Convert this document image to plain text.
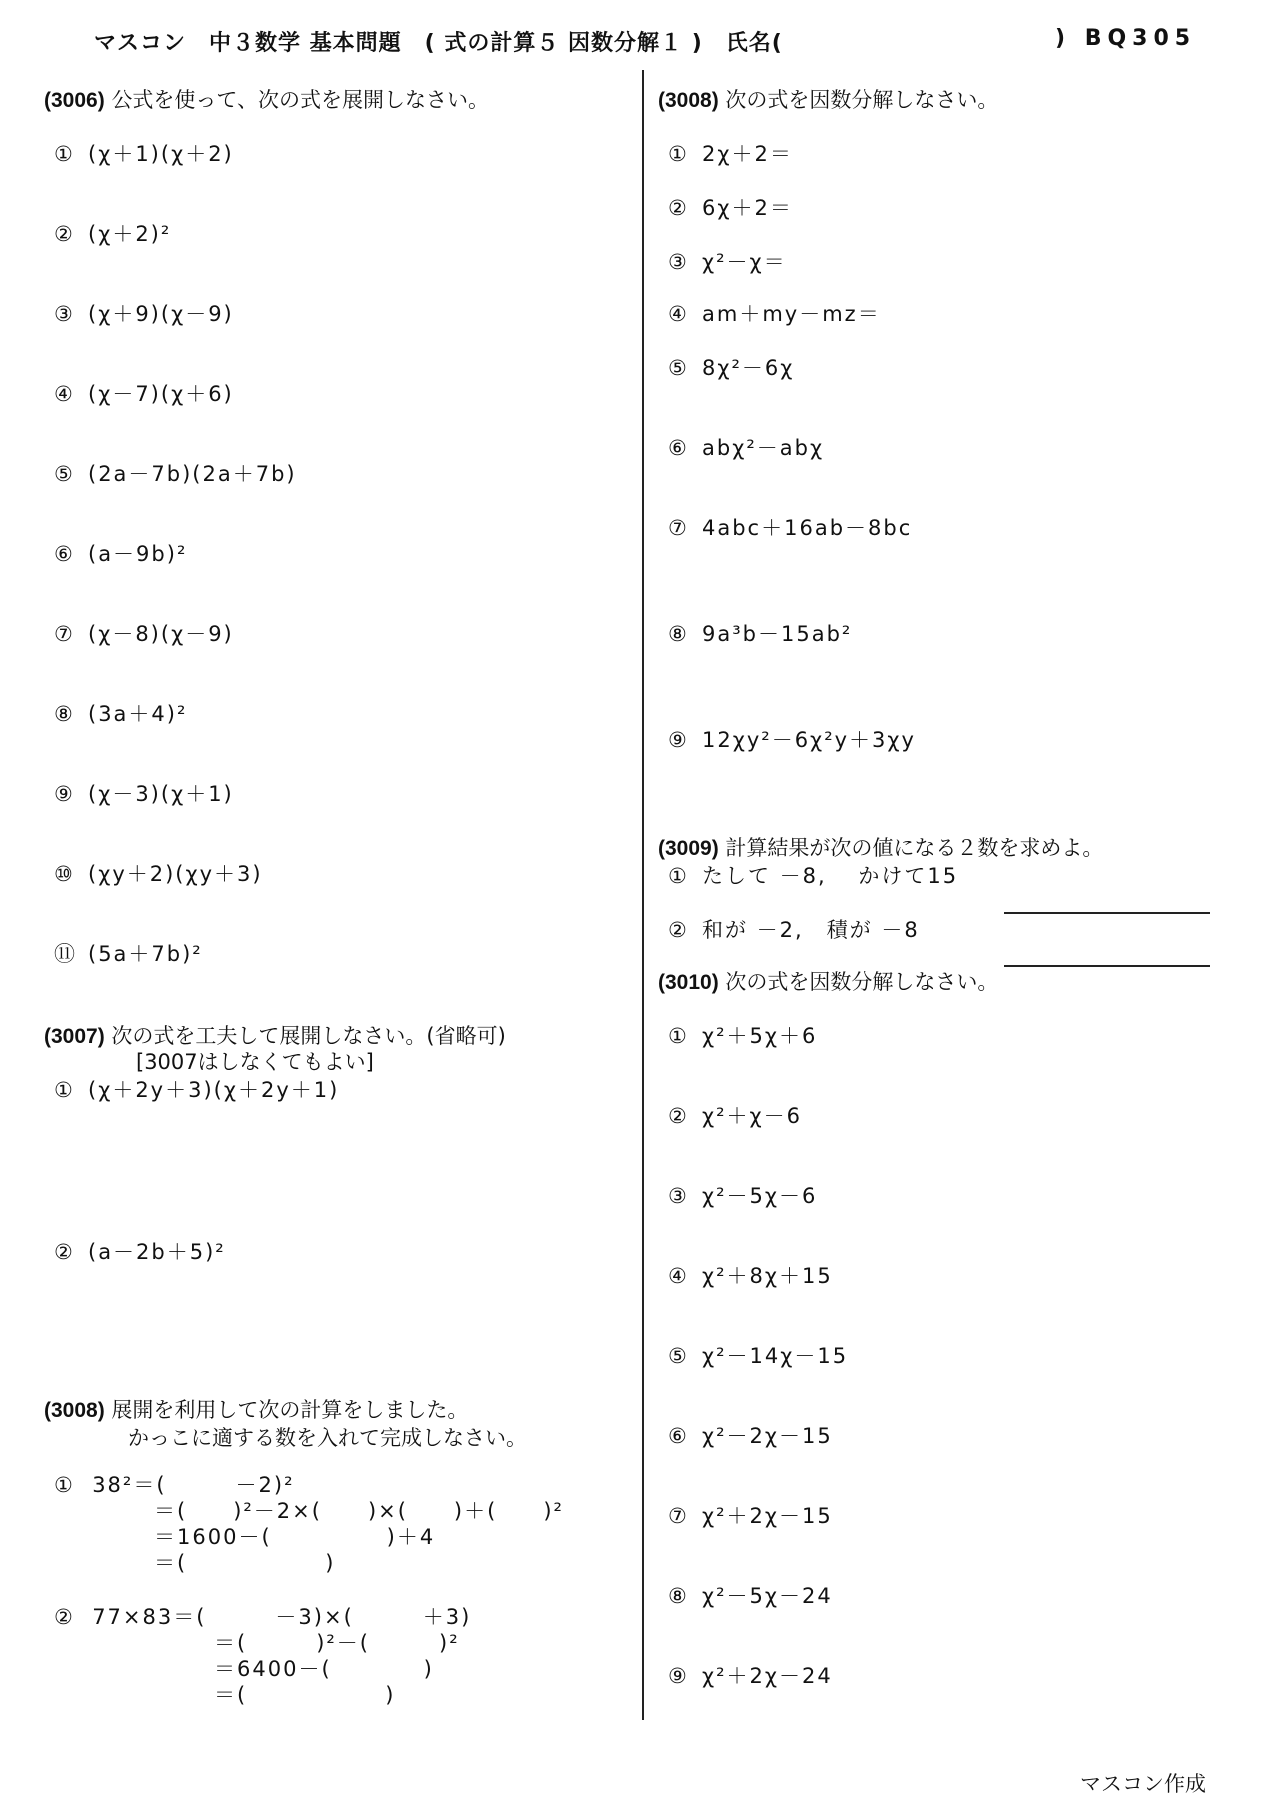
マスコン　中３数学 基本問題　( 式の計算５ 因数分解１ )　氏名(	) BQ305
(3006) 公式を使って、次の式を展開しなさい。
① (χ＋1)(χ＋2)
② (χ＋2)²
③ (χ＋9)(χ－9)
④ (χ－7)(χ＋6)
⑤ (2a－7b)(2a＋7b)
⑥ (a－9b)²
⑦ (χ－8)(χ－9)
⑧ (3a＋4)²
⑨ (χ－3)(χ＋1)
⑩ (χy＋2)(χy＋3)
⑪ (5a＋7b)²
(3007) 次の式を工夫して展開しなさい。(省略可)
[3007はしなくてもよい]
① (χ＋2y＋3)(χ＋2y＋1)
② (a－2b＋5)²
(3008) 展開を利用して次の計算をしました。
かっこに適する数を入れて完成しなさい。
① 38²＝(　　　－2)²
＝(　　)²－2×(　　)×(　　)＋(　　)²
＝1600－(　　　　　)＋4
＝(　　　　　　)
② 77×83＝(　　　－3)×(　　　＋3)
＝(　　　)²－(　　　)²
＝6400－(　　　　)
＝(　　　　　　)
(3008) 次の式を因数分解しなさい。
① 2χ＋2＝
② 6χ＋2＝
③ χ²－χ＝
④ am＋my－mz＝
⑤ 8χ²－6χ
⑥ abχ²－abχ
⑦ 4abc＋16ab－8bc
⑧ 9a³b－15ab²
⑨ 12χy²－6χ²y＋3χy
(3009) 計算結果が次の値になる２数を求めよ。
① たして －8,　 かけて15
② 和が －2,　積が －8
(3010) 次の式を因数分解しなさい。
① χ²＋5χ＋6
② χ²＋χ－6
③ χ²－5χ－6
④ χ²＋8χ＋15
⑤ χ²－14χ－15
⑥ χ²－2χ－15
⑦ χ²＋2χ－15
⑧ χ²－5χ－24
⑨ χ²＋2χ－24
マスコン作成
